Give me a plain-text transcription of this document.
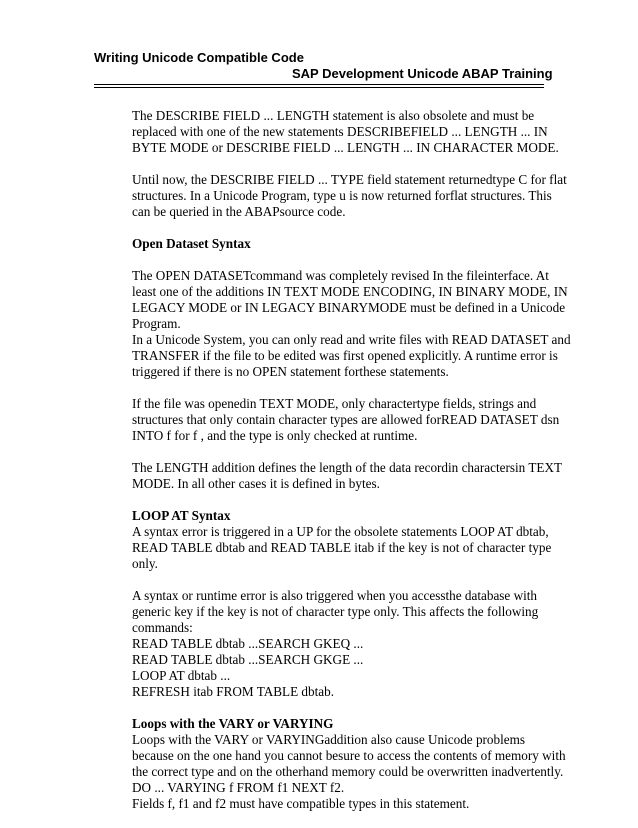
Writing Unicode Compatible Code
SAP Development Unicode ABAP Training

The DESCRIBE FIELD ... LENGTH statement is also obsolete and must be
replaced with one of the new statements DESCRIBEFIELD ... LENGTH ... IN
BYTE MODE or DESCRIBE FIELD ... LENGTH ... IN CHARACTER MODE.

Until now, the DESCRIBE FIELD ... TYPE field statement returnedtype C for flat
structures. In a Unicode Program, type u is now returned forflat structures. This
can be queried in the ABAPsource code.

Open Dataset Syntax

The OPEN DATASETcommand was completely revised In the fileinterface. At
least one of the additions IN TEXT MODE ENCODING, IN BINARY MODE, IN
LEGACY MODE or IN LEGACY BINARYMODE must be defined in a Unicode
Program.
In a Unicode System, you can only read and write files with READ DATASET and
TRANSFER if the file to be edited was first opened explicitly. A runtime error is
triggered if there is no OPEN statement forthese statements.

If the file was openedin TEXT MODE, only charactertype fields, strings and
structures that only contain character types are allowed forREAD DATASET dsn
INTO f for f , and the type is only checked at runtime.

The LENGTH addition defines the length of the data recordin charactersin TEXT
MODE. In all other cases it is defined in bytes.

LOOP AT Syntax

A syntax error is triggered in a UP for the obsolete statements LOOP AT dbtab,
READ TABLE dbtab and READ TABLE itab if the key is not of character type
only.

A syntax or runtime error is also triggered when you accessthe database with
generic key if the key is not of character type only. This affects the following
commands:
READ TABLE dbtab ...SEARCH GKEQ ...
READ TABLE dbtab ...SEARCH GKGE ...
LOOP AT dbtab ...
REFRESH itab FROM TABLE dbtab.

Loops with the VARY or VARYING

Loops with the VARY or VARYINGaddition also cause Unicode problems
because on the one hand you cannot besure to access the contents of memory with
the correct type and on the otherhand memory could be overwritten inadvertently.
DO ... VARYING f FROM f1 NEXT f2.
Fields f, f1 and f2 must have compatible types in this statement.
